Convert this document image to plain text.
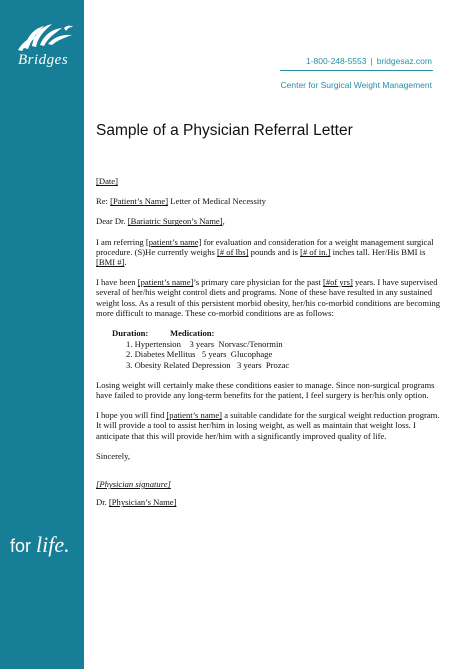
Bridges
for life.
1-800-248-5553 | bridgesaz.com
Center for Surgical Weight Management
Sample of a Physician Referral Letter

[Date]

Re: [Patient’s Name] Letter of Medical Necessity

Dear Dr. [Bariatric Surgeon’s Name],

I am referring [patient’s name] for evaluation and consideration for a weight management surgical procedure. (S)He currently weighs [# of lbs] pounds and is [# of in.] inches tall. Her/His BMI is [BMI #].

I have been [patient’s name]’s primary care physician for the past [#of yrs] years. I have supervised several of her/his weight control diets and programs. None of these have resulted in any sustained weight loss. As a result of this persistent morbid obesity, her/his co-morbid conditions are becoming more difficult to manage. These co-morbid conditions are as follows:

Duration:	Medication:
1. Hypertension    3 years  Norvasc/Tenormin
2. Diabetes Mellitus   5 years  Glucophage
3. Obesity Related Depression   3 years  Prozac

Losing weight will certainly make these conditions easier to manage. Since non-surgical programs have failed to provide any long-term benefits for the patient, I feel surgery is her/his only option.

I hope you will find [patient’s name] a suitable candidate for the surgical weight reduction program. It will provide a tool to assist her/him in losing weight, as well as maintain that weight loss. I anticipate that this will provide her/him with a significantly improved quality of life.

Sincerely,

[Physician signature]

Dr. [Physician’s Name]
